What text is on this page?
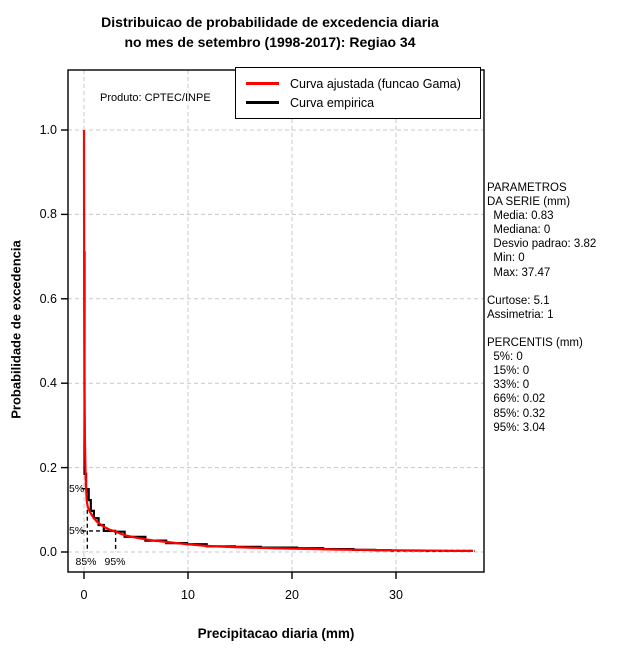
Distribuicao de probabilidade de excedencia diaria
no mes de setembro (1998-2017): Regiao 34
Produto: CPTEC/INPE
Curva ajustada (funcao Gama)
Curva empirica
Probabilidade de excedencia
Precipitacao diaria (mm)
5%
5%
85% 95%
PARAMETROS
DA SERIE (mm)
Media: 0.83
Mediana: 0
Desvio padrao: 3.82
Min: 0
Max: 37.47

Curtose: 5.1
Assimetria: 1

PERCENTIS (mm)
5%: 0
15%: 0
33%: 0
66%: 0.02
85%: 0.32
95%: 3.04
0	10	20	30
0.0
0.2
0.4
0.6
0.8
1.0
